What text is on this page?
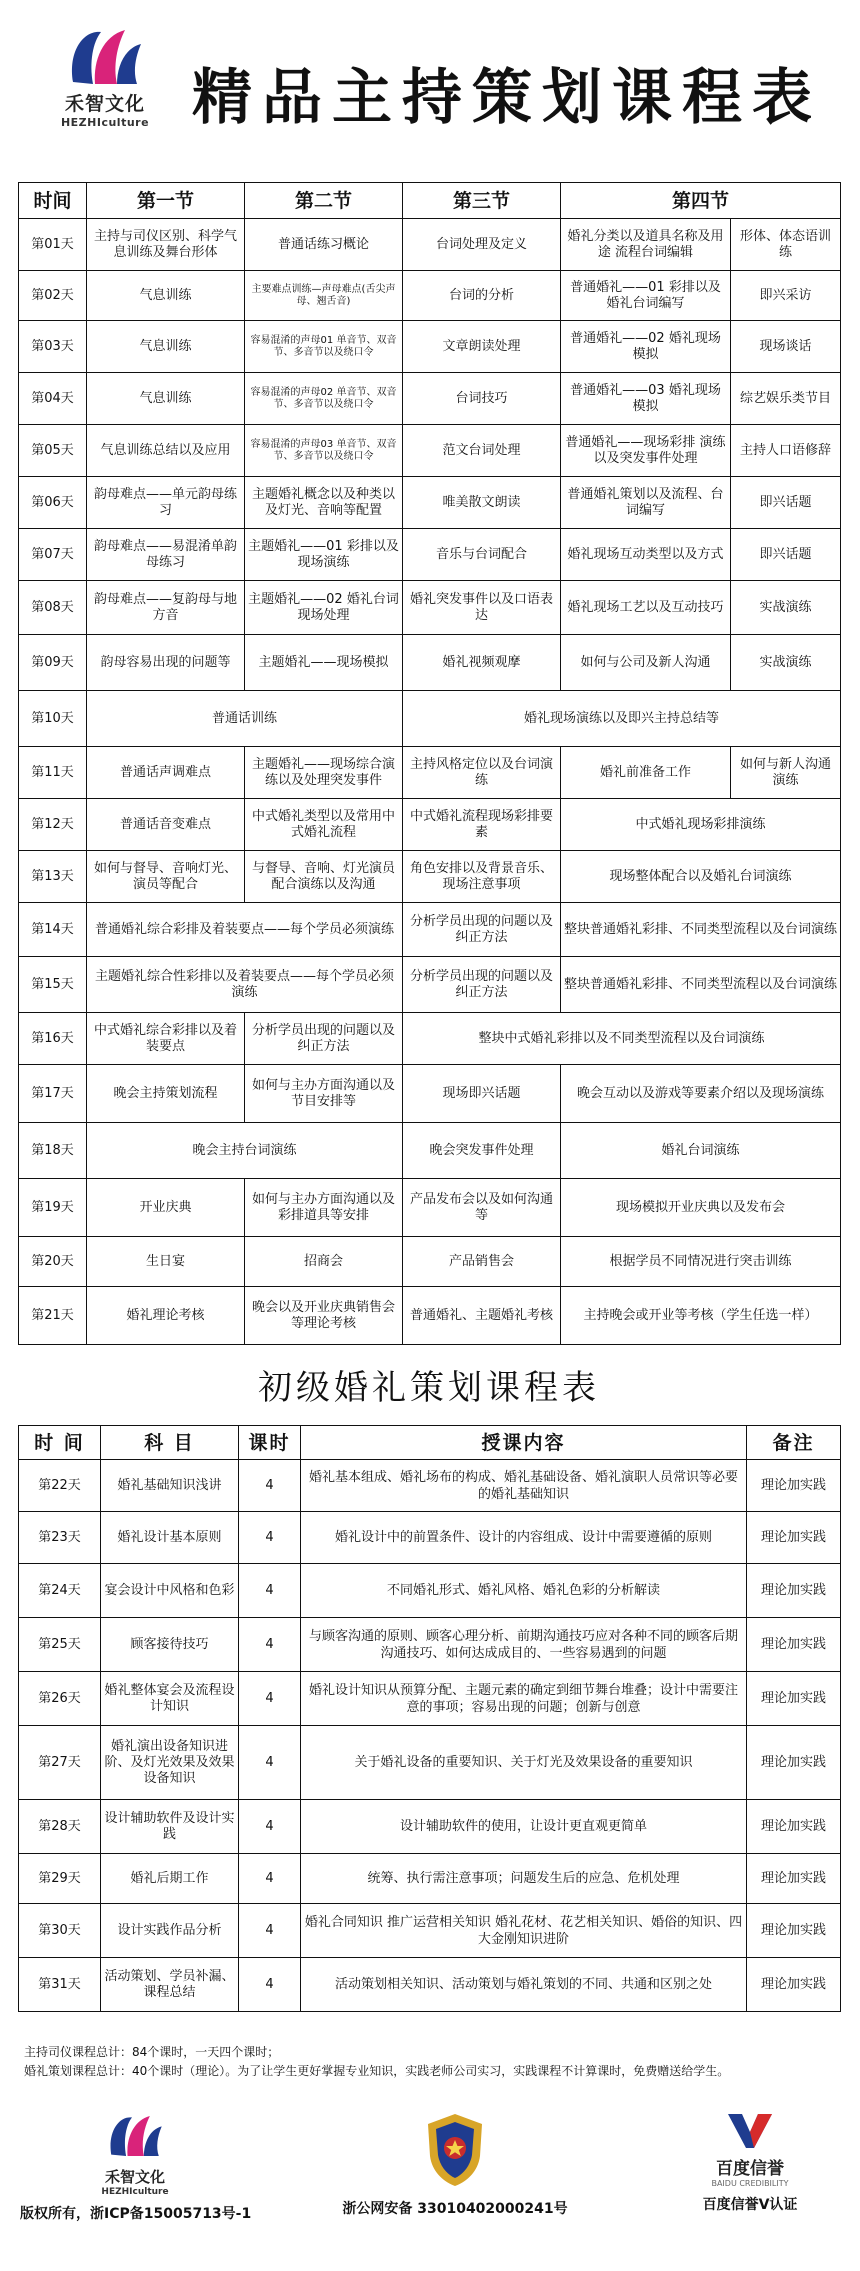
禾智文化
HEZHIculture 精品主持策划课程表
时间	第一节	第二节	第三节	第四节	
第01天	主持与司仪区别、科学气息训练及舞台形体	普通话练习概论	台词处理及定义	婚礼分类以及道具名称及用途 流程台词编辑	形体、体态语训练
第02天	气息训练	主要难点训练—声母难点(舌尖声母、翘舌音)	台词的分析	普通婚礼——01 彩排以及婚礼台词编写	即兴采访
第03天	气息训练	容易混淆的声母01 单音节、双音节、多音节以及绕口令	文章朗读处理	普通婚礼——02 婚礼现场模拟	现场谈话
第04天	气息训练	容易混淆的声母02 单音节、双音节、多音节以及绕口令	台词技巧	普通婚礼——03 婚礼现场模拟	综艺娱乐类节目
第05天	气息训练总结以及应用	容易混淆的声母03 单音节、双音节、多音节以及绕口令	范文台词处理	普通婚礼——现场彩排 演练以及突发事件处理	主持人口语修辞
第06天	韵母难点——单元韵母练习	主题婚礼概念以及种类以及灯光、音响等配置	唯美散文朗读	普通婚礼策划以及流程、台词编写	即兴话题
第07天	韵母难点——易混淆单韵母练习	主题婚礼——01 彩排以及现场演练	音乐与台词配合	婚礼现场互动类型以及方式	即兴话题
第08天	韵母难点——复韵母与地方音	主题婚礼——02 婚礼台词现场处理	婚礼突发事件以及口语表达	婚礼现场工艺以及互动技巧	实战演练
第09天	韵母容易出现的问题等	主题婚礼——现场模拟	婚礼视频观摩	如何与公司及新人沟通	实战演练
第10天	普通话训练		婚礼现场演练以及即兴主持总结等		
第11天	普通话声调难点	主题婚礼——现场综合演练以及处理突发事件	主持风格定位以及台词演练	婚礼前准备工作	如何与新人沟通演练
第12天	普通话音变难点	中式婚礼类型以及常用中式婚礼流程	中式婚礼流程现场彩排要素	中式婚礼现场彩排演练	
第13天	如何与督导、音响灯光、演员等配合	与督导、音响、灯光演员配合演练以及沟通	角色安排以及背景音乐、现场注意事项	现场整体配合以及婚礼台词演练	
第14天	普通婚礼综合彩排及着装要点——每个学员必须演练		分析学员出现的问题以及纠正方法	整块普通婚礼彩排、不同类型流程以及台词演练	
第15天	主题婚礼综合性彩排以及着装要点——每个学员必须演练		分析学员出现的问题以及纠正方法	整块普通婚礼彩排、不同类型流程以及台词演练	
第16天	中式婚礼综合彩排以及着装要点	分析学员出现的问题以及纠正方法	整块中式婚礼彩排以及不同类型流程以及台词演练		
第17天	晚会主持策划流程	如何与主办方面沟通以及节目安排等	现场即兴话题	晚会互动以及游戏等要素介绍以及现场演练	
第18天	晚会主持台词演练		晚会突发事件处理	婚礼台词演练	
第19天	开业庆典	如何与主办方面沟通以及彩排道具等安排	产品发布会以及如何沟通等	现场模拟开业庆典以及发布会	
第20天	生日宴	招商会	产品销售会	根据学员不同情况进行突击训练	
第21天	婚礼理论考核	晚会以及开业庆典销售会等理论考核	普通婚礼、主题婚礼考核	主持晚会或开业等考核（学生任选一样）	
初级婚礼策划课程表
时 间	科 目	课时	授课内容	备注
第22天	婚礼基础知识浅讲	4	婚礼基本组成、婚礼场布的构成、婚礼基础设备、婚礼演职人员常识等必要的婚礼基础知识	理论加实践
第23天	婚礼设计基本原则	4	婚礼设计中的前置条件、设计的内容组成、设计中需要遵循的原则	理论加实践
第24天	宴会设计中风格和色彩	4	不同婚礼形式、婚礼风格、婚礼色彩的分析解读	理论加实践
第25天	顾客接待技巧	4	与顾客沟通的原则、顾客心理分析、前期沟通技巧应对各种不同的顾客后期沟通技巧、如何达成成目的、一些容易遇到的问题	理论加实践
第26天	婚礼整体宴会及流程设计知识	4	婚礼设计知识从预算分配、主题元素的确定到细节舞台堆叠；设计中需要注意的事项；容易出现的问题；创新与创意	理论加实践
第27天	婚礼演出设备知识进阶、及灯光效果及效果设备知识	4	关于婚礼设备的重要知识、关于灯光及效果设备的重要知识	理论加实践
第28天	设计辅助软件及设计实践	4	设计辅助软件的使用，让设计更直观更简单	理论加实践
第29天	婚礼后期工作	4	统筹、执行需注意事项；问题发生后的应急、危机处理	理论加实践
第30天	设计实践作品分析	4	婚礼合同知识 推广运营相关知识 婚礼花材、花艺相关知识、婚俗的知识、四大金刚知识进阶	理论加实践
第31天	活动策划、学员补漏、课程总结	4	活动策划相关知识、活动策划与婚礼策划的不同、共通和区别之处	理论加实践
主持司仪课程总计：84个课时，一天四个课时；
婚礼策划课程总计：40个课时（理论）。为了让学生更好掌握专业知识，实践老师公司实习，实践课程不计算课时，免费赠送给学生。
禾智文化
HEZHIculture
版权所有，浙ICP备15005713号-1	浙公网安备 33010402000241号
百度信誉
BAIDU CREDIBILITY
百度信誉V认证
